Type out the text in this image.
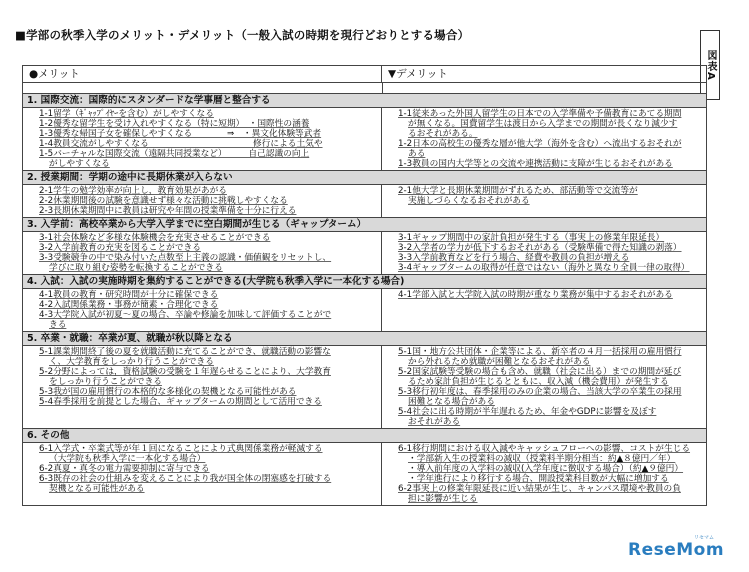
■学部の秋季入学のメリット・デメリット（一般入試の時期を現行どおりとする場合）
図表A
●メリット	▼デメリット
1. 国際交流：国際的にスタンダードな学事暦と整合する
1-1留学（ｷﾞｬｯﾌﾟｲﾔｰを含む）がしやすくなる
1-2優秀な留学生を受け入れやすくなる（特に短期）　・国際性の涵養
1-3優秀な帰国子女を確保しやすくなる　　　　⇒　・異文化体験等武者
1-4教員交流がしやすくなる　　　　　　　　　　　　修行による土気や
1-5バーチャルな国際交流（遠隔共同授業など）　　　自己認識の向上
がしやすくなる
1-1従来あった外国人留学生の日本での入学準備や予備教育にあてる期間
が無くなる。国費留学生は渡日から入学までの期間が長くなり減少す
るおそれがある。
1-2日本の高校生の優秀な層が他大学（海外を含む）へ流出するおそれが
ある
1-3教員の国内大学等との交流や連携活動に支障が生じるおそれがある
2. 授業期間：学期の途中に長期休業が入らない
2-1学生の勉学効率が向上し，教育効果があがる
2-2休業期間後の試験を意識せず様々な活動に挑戦しやすくなる
2-3長期休業期間中に教員は研究や年間の授業準備を十分に行える
2-1他大学と長期休業期間がずれるため、部活動等で交流等が
実施しづらくなるおそれがある
3. 入学前：高校卒業から大学入学までに空白期間が生じる（ギャップターム）
3-1社会体験など多様な体験機会を充実させることができる
3-2入学前教育の充実を図ることができる
3-3受験競争の中で染み付いた点数至上主義の認識・価値観をリセットし、
学びに取り組む姿勢を転換することができる
3-1ギャップ期間中の家計負担が発生する（事実上の修業年限延長）
3-2入学者の学力が低下するおそれがある（受験準備で得た知識の剥落）
3-3入学前教育などを行う場合、経費や教員の負担が増える
3-4ギャップタームの取得が任意ではない（海外と異なり全員一律の取得）
4. 入試：入試の実施時期を集約することができる(大学院も秋季入学に一本化する場合)
4-1教員の教育・研究時間が十分に確保できる
4-2入試関係業務・事務が簡素・合理化できる
4-3大学院入試が初夏～夏の場合、卒論や修論を加味して評価することがで
きる
4-1学部入試と大学院入試の時期が重なり業務が集中するおそれがある
5. 卒業・就職：卒業が夏、就職が秋以降となる
5-1課業期間終了後の夏を就職活動に充てることができ、就職活動の影響な
く、大学教育をしっかり行うことができる
5-2分野によっては，資格試験の受験を１年遅らせることにより、大学教育
をしっかり行うことができる
5-3我が国の雇用慣行の本格的な多様化の契機となる可能性がある
5-4春季採用を前提とした場合、ギャップタームの期間として活用できる
5-1国・地方公共団体・企業等による、新卒者の４月一括採用の雇用慣行
から外れるため就職が困難となるおそれがある
5-2国家試験等受験の場合も含め、就職（社会に出る）までの期間が延び
るため家計負担が生じるとともに、収入減（機会費用）が発生する
5-3移行初年度は、春季採用のみの企業の場合、当該大学の卒業生の採用
困難となる場合がある
5-4社会に出る時期が半年遅れるため、年金やGDPに影響を及ぼす
おそれがある
6. その他
6-1入学式・卒業式等が年１回になることにより式典関係業務が軽減する
（大学院も秋季入学に一本化する場合）
6-2真夏・真冬の電力需要抑制に寄与できる
6-3既存の社会の仕組みを変えることにより我が国全体の閉塞感を打破する
契機となる可能性がある
6-1移行期間における収入減やキャッシュフローへの影響、コストが生じる
・学部新入生の授業料の減収（授業料半期分相当：約▲８億円／年）
・導入前年度の入学料の減収(入学年度に徴収する場合）（約▲９億円）
・学年進行により移行する場合、開設授業科目数が大幅に増加する
6-2事実上の修業年限延長に近い結果が生じ、キャンパス環境や教員の負
担に影響が生じる
リセマム
ReseMom
